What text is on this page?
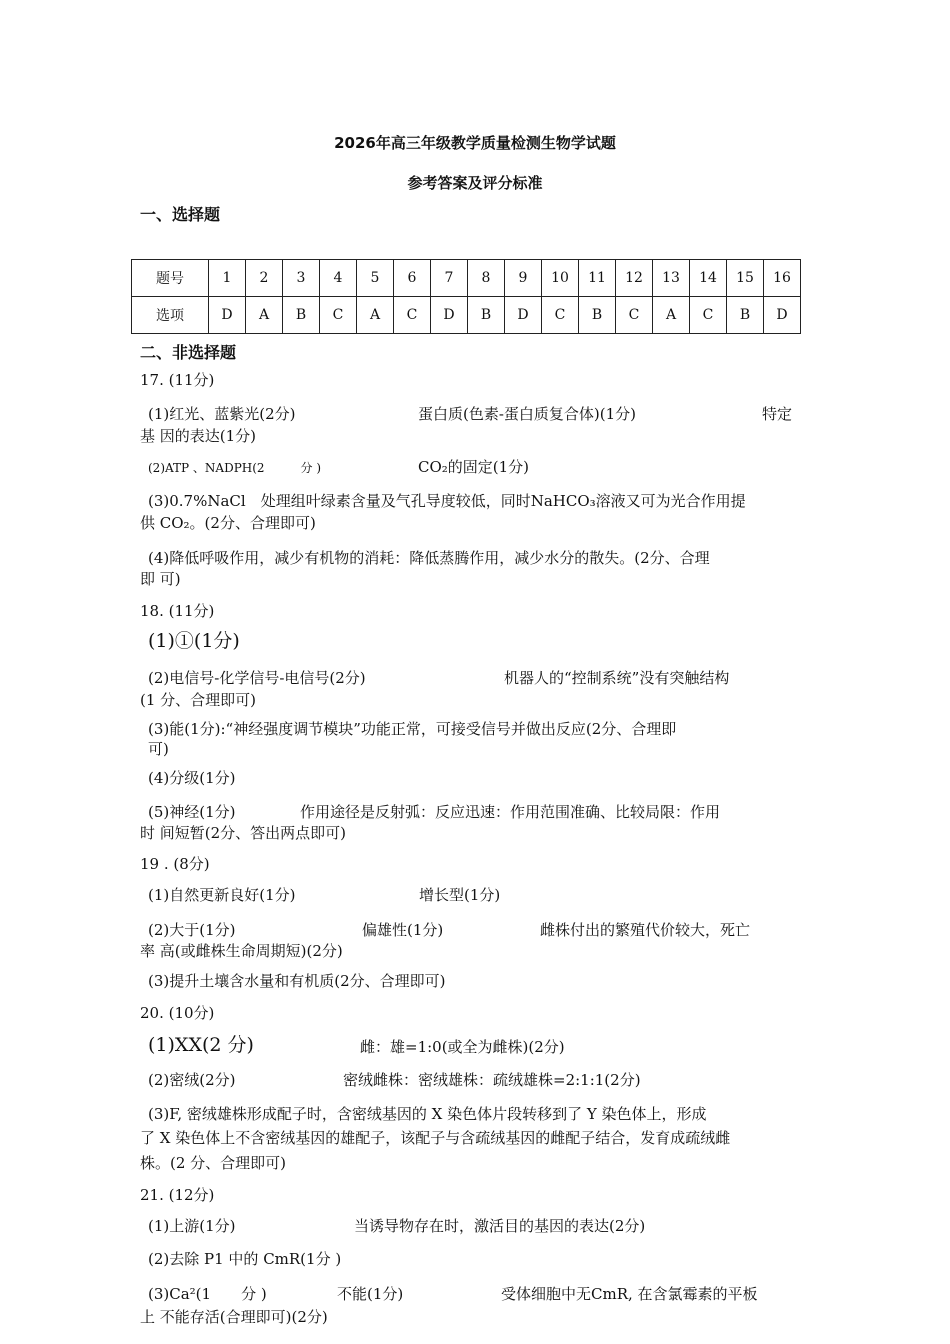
2026年高三年级教学质量检测生物学试题
参考答案及评分标准
一、选择题
题号	1	2	3	4	5	6	7	8	9	10	11	12	13	14	15	16
选项	D	A	B	C	A	C	D	B	D	C	B	C	A	C	B	D
二、非选择题
17. (11分)
(1)红光、蓝紫光(2分)	蛋白质(色素-蛋白质复合体)(1分)	特定
基 因的表达(1分)
(2)ATP 、NADPH(2　　　分 )	CO₂的固定(1分)
(3)0.7%NaCl　处理组叶绿素含量及气孔导度较低，同时NaHCO₃溶液又可为光合作用提
供 CO₂。(2分、合理即可)
(4)降低呼吸作用，减少有机物的消耗：降低蒸腾作用，减少水分的散失。(2分、合理
即 可)
18. (11分)
(1)①(1分)
(2)电信号-化学信号-电信号(2分)	机器人的“控制系统”没有突触结构
(1 分、合理即可)
(3)能(1分):“神经强度调节模块”功能正常，可接受信号并做出反应(2分、合理即
可)
(4)分级(1分)
(5)神经(1分)	作用途径是反射弧：反应迅速：作用范围准确、比较局限：作用
时 间短暂(2分、答出两点即可)
19 . (8分)
(1)自然更新良好(1分)	增长型(1分)
(2)大于(1分)	偏雄性(1分)	雌株付出的繁殖代价较大，死亡
率 高(或雌株生命周期短)(2分)
(3)提升土壤含水量和有机质(2分、合理即可)
20. (10分)
(1)XX(2 分)	雌：雄=1:0(或全为雌株)(2分)
(2)密绒(2分)	密绒雌株：密绒雄株：疏绒雄株=2:1:1(2分)
(3)F, 密绒雄株形成配子时，含密绒基因的 X 染色体片段转移到了 Y 染色体上，形成
了 X 染色体上不含密绒基因的雄配子，该配子与含疏绒基因的雌配子结合，发育成疏绒雌
株。(2 分、合理即可)
21. (12分)
(1)上游(1分)	当诱导物存在时，激活目的基因的表达(2分)
(2)去除 P1 中的 CmR(1分 )
(3)Ca²(1　　分 )	不能(1分)	受体细胞中无CmR, 在含氯霉素的平板
上 不能存活(合理即可)(2分)
